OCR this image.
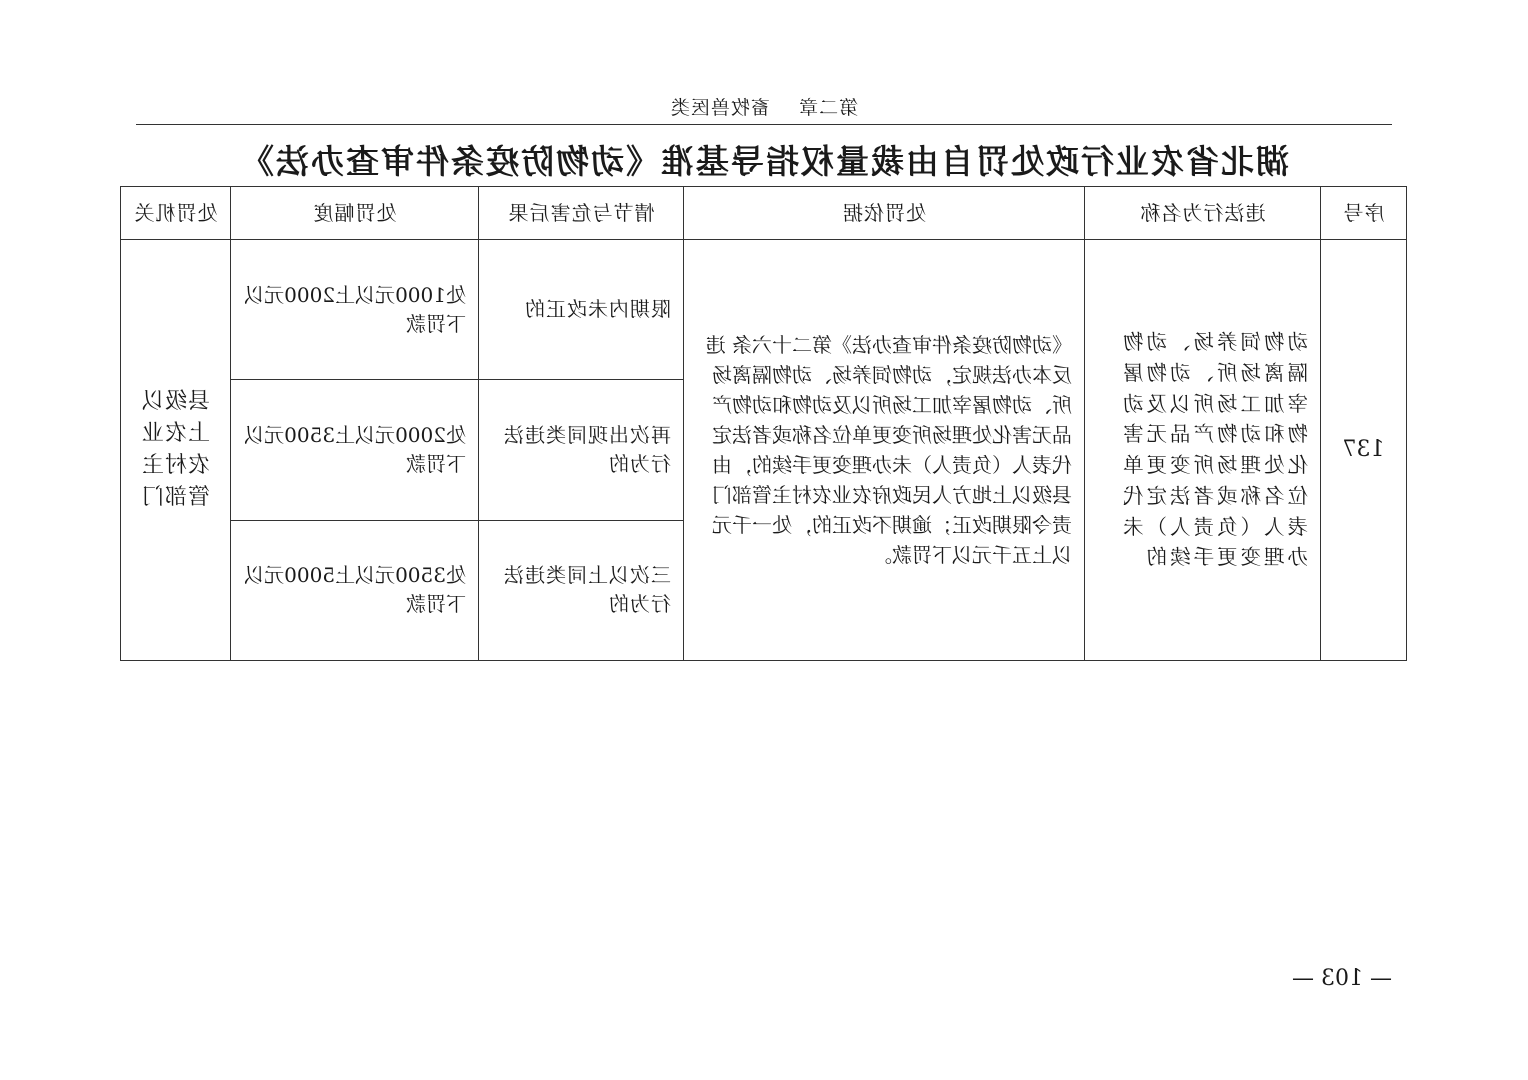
第二章    畜牧兽医类
湖北省农业行政处罚自由裁量权指导基准《动物防疫条件审查办法》
序号	违法行为名称	处罚依据	情节与危害后果	处罚幅度	处罚机关
137	动物饲养场、动物隔离场所、动物屠宰加工场所以及动物和动物产品无害化处理场所变更单位名称或者法定代表人（负责人）未办理变更手续的	《动物防疫条件审查办法》第二十六条 违反本办法规定，动物饲养场、动物隔离场所、动物屠宰加工场所以及动物和动物产品无害化处理场所变更单位名称或者法定代表人（负责人）未办理变更手续的，由县级以上地方人民政府农业农村主管部门责令限期改正；逾期不改正的，处一千元以上五千元以下罚款。	限期内未改正的	处1000元以上2000元以下罚款	县级以上农业农村主管部门
			再次出现同类违法行为的	处2000元以上3500元以下罚款	
			三次以上同类违法行为的	处3500元以上5000元以下罚款	
— 103 —
